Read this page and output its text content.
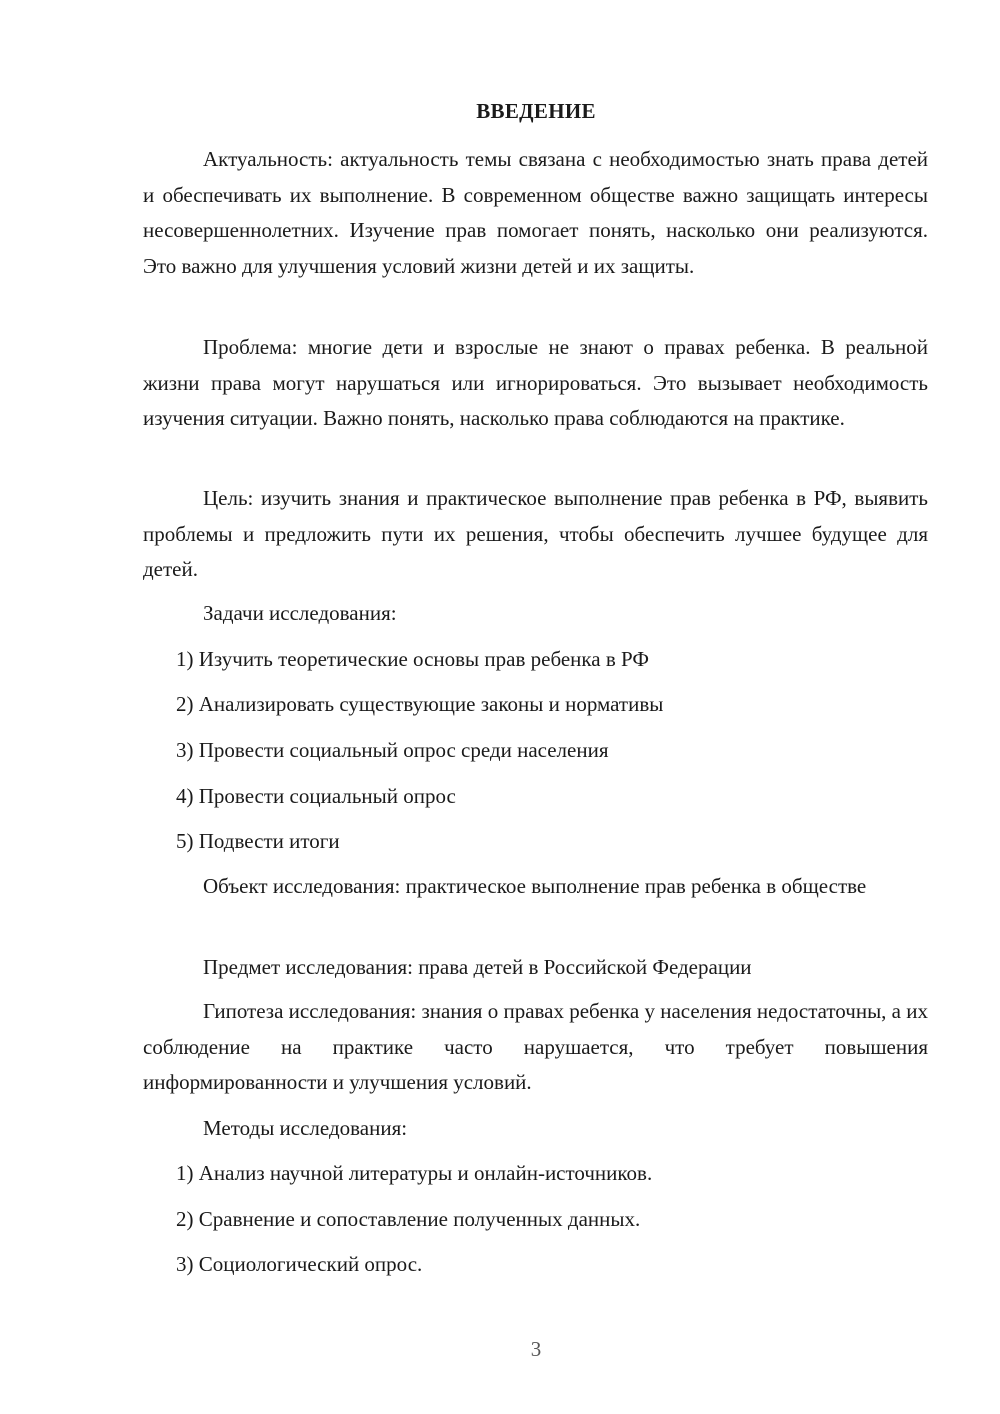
ВВЕДЕНИЕ

Актуальность: актуальность темы связана с необходимостью знать права детей и обеспечивать их выполнение. В современном обществе важно защищать интересы несовершеннолетних. Изучение прав помогает понять, насколько они реализуются. Это важно для улучшения условий жизни детей и их защиты.

Проблема: многие дети и взрослые не знают о правах ребенка. В реальной жизни права могут нарушаться или игнорироваться. Это вызывает необходимость изучения ситуации. Важно понять, насколько права соблюдаются на практике.

Цель: изучить знания и практическое выполнение прав ребенка в РФ, выявить проблемы и предложить пути их решения, чтобы обеспечить лучшее будущее для детей.

Задачи исследования:
1) Изучить теоретические основы прав ребенка в РФ
2) Анализировать существующие законы и нормативы
3) Провести социальный опрос среди населения
4) Провести социальный опрос
5) Подвести итоги

Объект исследования: практическое выполнение прав ребенка в обществе

Предмет исследования: права детей в Российской Федерации

Гипотеза исследования: знания о правах ребенка у населения недостаточны, а их соблюдение на практике часто нарушается, что требует повышения информированности и улучшения условий.

Методы исследования:
1) Анализ научной литературы и онлайн-источников.
2) Сравнение и сопоставление полученных данных.
3) Социологический опрос.
3
